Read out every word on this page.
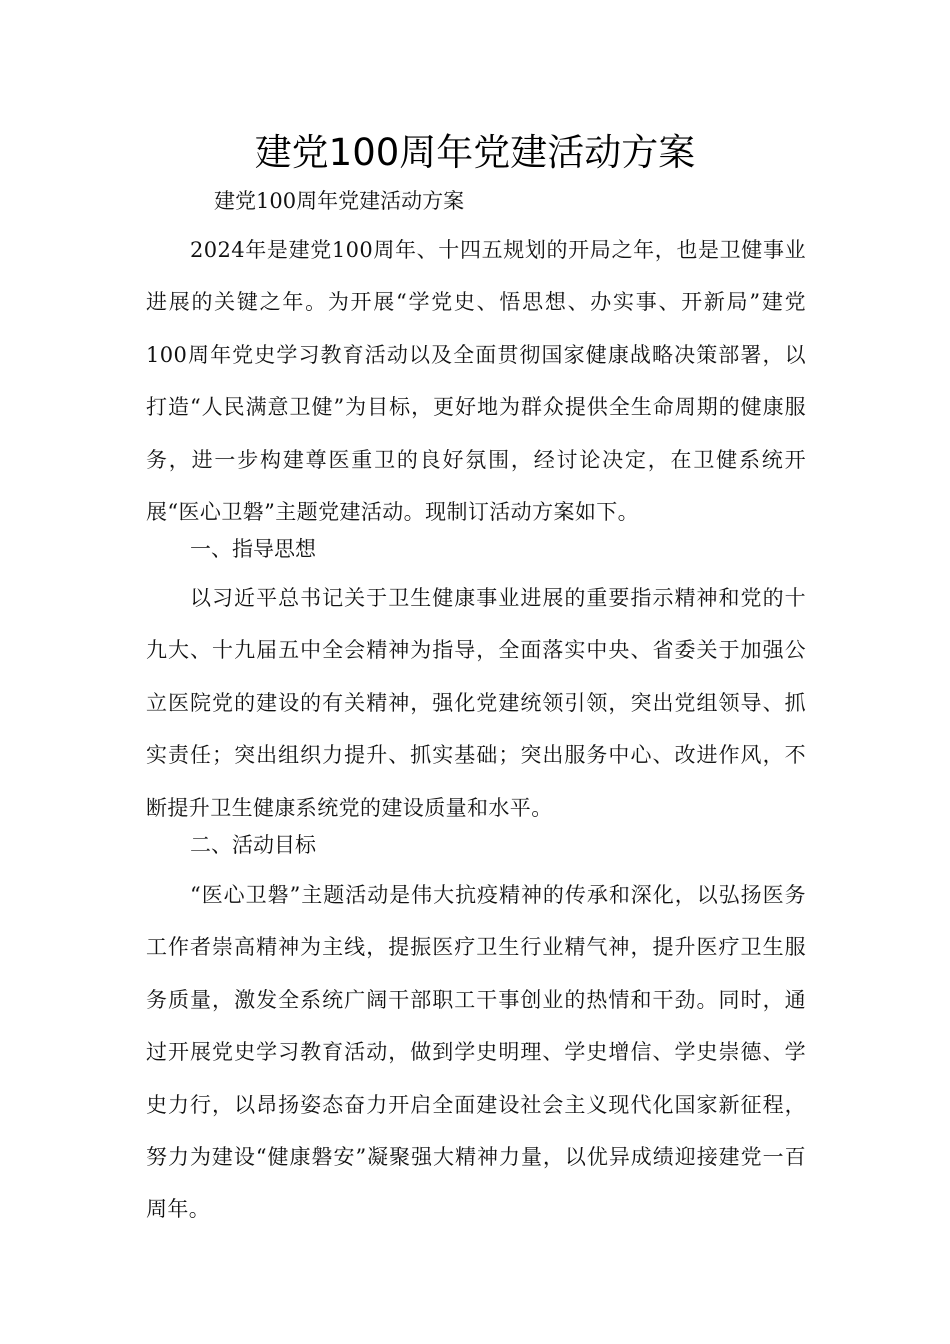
建党100周年党建活动方案
建党100周年党建活动方案

2024年是建党100周年、十四五规划的开局之年，也是卫健事业进展的关键之年。为开展“学党史、悟思想、办实事、开新局”建党100周年党史学习教育活动以及全面贯彻国家健康战略决策部署，以打造“人民满意卫健”为目标，更好地为群众提供全生命周期的健康服务，进一步构建尊医重卫的良好氛围，经讨论决定，在卫健系统开展“医心卫磐”主题党建活动。现制订活动方案如下。

一、指导思想

以习近平总书记关于卫生健康事业进展的重要指示精神和党的十九大、十九届五中全会精神为指导，全面落实中央、省委关于加强公立医院党的建设的有关精神，强化党建统领引领，突出党组领导、抓实责任；突出组织力提升、抓实基础；突出服务中心、改进作风，不断提升卫生健康系统党的建设质量和水平。

二、活动目标

“医心卫磐”主题活动是伟大抗疫精神的传承和深化，以弘扬医务工作者崇高精神为主线，提振医疗卫生行业精气神，提升医疗卫生服务质量，激发全系统广阔干部职工干事创业的热情和干劲。同时，通过开展党史学习教育活动，做到学史明理、学史增信、学史崇德、学史力行，以昂扬姿态奋力开启全面建设社会主义现代化国家新征程，努力为建设“健康磐安”凝聚强大精神力量，以优异成绩迎接建党一百周年。
